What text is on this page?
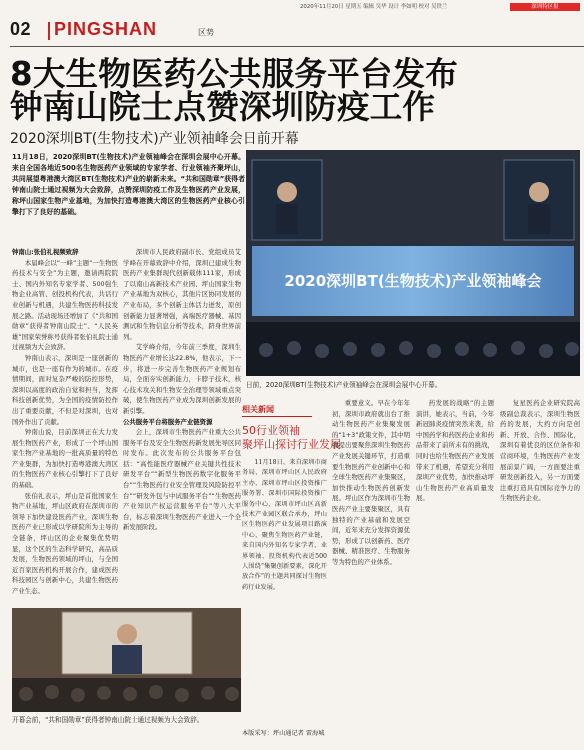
2020年11月20日 星期五 编辑 吴华 设计 李如明 校对 吴铁兰	深圳特区报
02 PINGSHAN	区势
8大生物医药公共服务平台发布
钟南山院士点赞深圳防疫工作
2020深圳BT(生物技术)产业领袖峰会日前开幕
11月18日，2020深圳BT(生物技术)产业领袖峰会在深圳会展中心开幕。来自全国各地近500名生物医药产业领域的专家学者、行业领袖齐聚坪山，共同展望粤港澳大湾区BT(生物技术)产业的崭新未来。“共和国勋章”获得者钟南山院士通过视频为大会致辞，点赞深圳防疫工作及生物医药产业发展，称坪山国家生物产业基地，为加快打造粤港澳大湾区的生物医药产业核心引擎打下了良好的基础。

钟南山:张伯礼视频致辞

本届峰会以“一峰”主题“一生物医药技术与安全”为主题，邀请两院院士、国内外知名专家学者、500强生物企业高管、创投机构代表，共话行业创新与机遇，共建生物医药科技发展之路。活动现场还增加了《“共和国勋章”获得者钟南山院士”、“人民英雄”国家荣誉称号获得者张伯礼院士通过视频为大会致辞。

钟南山表示，深圳是一座创新的城市，也是一座有作为的城市。在疫情期间，面对复杂严峻的防控形势，深圳以高度的政治自觉和担当，发挥科技创新优势，为全国的疫情防控作出了重要贡献，不但是对深圳，也对国外作出了贡献。

钟南山说，目前深圳正在大力发展生物医药产业，形成了一个坪山国家生物产业基地的一批高质量的特色产业集群，为加快打造粤港澳大湾区的生物医药产业核心引擎打下了良好的基础。

张伯礼表示，坪山是首批国家生物产业基地，坪山区政府在深圳市的领导下加快建设医药产业，深圳生物医药产业已形成以学研院所为主导的全链条，坪山区的企业聚集优势明显，这个区的生态科学研究，高品质发展，生物医药领域的坪山，与全国近百家医药机构开展合作，建成医药科技园区与创新中心，共建生物医药产业生态。

深圳市人民政府副市长、党组成员艾学峰在开幕致辞中介绍，深圳已建成生物医药产业集群现代创新载体111家，形成了以南山高新技术产业园、坪山国家生物产业基地为双核心，其他片区协同发展的产业布局，多个创新主体活力迸发，原创创新能力显著增强，高端医疗器械、基因测试和生物信息分析等技术，跻身世界前列。

艾学峰介绍，今年前三季度，深圳生物医药产业增长达22.8%，他表示，下一步，将进一步完善生物医药产业规划布局，全面夯实创新能力，卡脖子技术，核心技术攻关和生物安全治理等领域重点突破，使生物医药产业成为深圳创新发展的新引擎。

公共服务平台将服务产业链资源

会上，深圳市生物医药产业重大公共服务平台及安全生物医药新发展先导区同时发布。此次发布的公共服务平台包括：“高性能医疗器械产业关键共性技术研发平台”“新型生物医药数字化服务平台”“生物医药行业安全管理及风险防控平台”“研发外包与中试服务平台”“生物医药产业知识产权运营服务平台”等八大平台，标志着深圳生物医药产业进入一个全新发展阶段。

2020深圳BT(生物技术)产业领袖峰会
日前，2020深圳BT(生物技术)产业领袖峰会在深圳会展中心开幕。
开幕会前，“共和国勋章”获得者钟南山院士通过视频为大会致辞。
相关新闻
50行业领袖
聚坪山探讨行业发展

11月18日，来自深圳市商务局、深圳市坪山区人民政府主办，深圳市坪山区投资推广服务署、深圳市国际投资推广服务中心、深圳市坪山区高新技术产业园区联合承办，坪山区生物医药产业发展项目路演中心，聚焦生物医药产业链，来自国内外知名专家学者、业界领袖、投资机构代表近500人围绕“集聚创新要素，深化开放合作”的主题共同探讨生物医药行业发展。

重要意义。早在今年年初，深圳市政府就出台了推动生物医药产业集聚发展的“1+3”政策文件，其中明确提出要聚焦深圳生物医药产业发展关键环节，打造重要生物医药产业创新中心和全球生物医药产业集聚区，加快推动生物医药创新发展。坪山区作为深圳市生物医药产业主要集聚区，具有独特的产业基础和发展空间，近年来充分发挥资源优势，形成了以创新药、医疗器械、精准医疗、生物服务等为特色的产业体系。

药发展的战略”的主题演讲，她表示，当前，今年新冠肺炎疫情突然来袭，给中国药学和药医药企业和药品带来了前所未有的挑战，同时也给生物医药产业发展带来了机遇，希望充分利用深圳产业优势，加快推动坪山生物医药产业高质量发展。

复星医药企业研究院高级副总裁表示，深圳生物医药的发展，大约方向是创新、开放、合作、国际化，深圳有着优良的区位条件和营商环境，生物医药产业发展前景广阔，一方面要注重研发创新投入，另一方面要注重打造具有国际竞争力的生物医药企业。

本版采写：坪山通记者 雷海城
